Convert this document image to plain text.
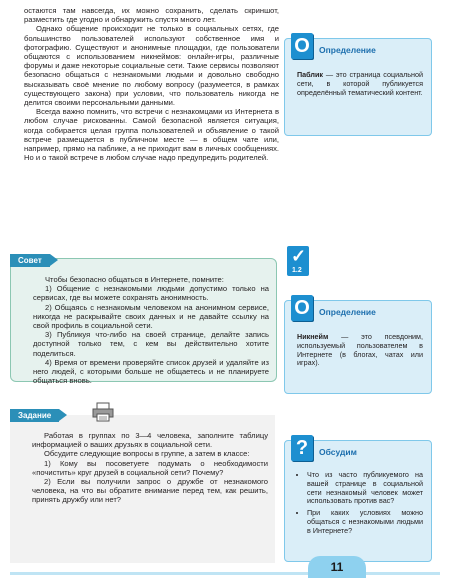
остаются там навсегда, их можно сохранить, сделать скриншот, разместить где угодно и обнаружить спустя много лет.

Однако общение происходит не только в социальных сетях, где большинство пользователей используют собственное имя и фотографию. Существуют и анонимные площадки, где пользователи общаются с использованием никнеймов: онлайн-игры, различные форумы и даже некоторые социальные сети. Такие сервисы позволяют безопасно общаться с незнакомыми людьми и довольно свободно высказывать своё мнение по любому вопросу (разумеется, в рамках существующего закона) при условии, что пользователь никогда не делится своими персональными данными.

Всегда важно помнить, что встречи с незнакомцами из Интернета в любом случае рискованны. Самой безопасной является ситуация, когда собирается целая группа пользователей и объявление о такой встрече размещается в публичном месте — в общем чате или, например, прямо на паблике, а не приходит вам в личных сообщениях. Но и о такой встрече в любом случае надо предупредить родителей.

О	Определение
Паблик — это страница социальной сети, в которой публикуется определённый тематический контент.
✓
1.2
О	Определение
Никнейм — это псевдоним, используемый пользователем в Интернете (в блогах, чатах или играх).
?	Обсудим
• Что из часто публикуемого на вашей странице в социальной сети незнакомый человек может использовать против вас?
• При каких условиях можно общаться с незнакомыми людьми в Интернете?

Чтобы безопасно общаться в Интернете, помните:

1) Общение с незнакомыми людьми допустимо только на сервисах, где вы можете сохранять анонимность.

2) Общаясь с незнакомым человеком на анонимном сервисе, никогда не раскрывайте своих данных и не давайте ссылку на свой профиль в социальной сети.

3) Публикуя что-либо на своей странице, делайте запись доступной только тем, с кем вы действительно хотите поделиться.

4) Время от времени проверяйте список друзей и удаляйте из него людей, с которыми больше не общаетесь и не планируете общаться вновь.

Совет

Работая в группах по 3—4 человека, заполните таблицу информацией о ваших друзьях в социальной сети.

Обсудите следующие вопросы в группе, а затем в классе:

1) Кому вы посоветуете подумать о необходимости «почистить» круг друзей в социальной сети? Почему?

2) Если вы получили запрос о дружбе от незнакомого человека, на что вы обратите внимание перед тем, как решить, принять дружбу или нет?

Задание
11
